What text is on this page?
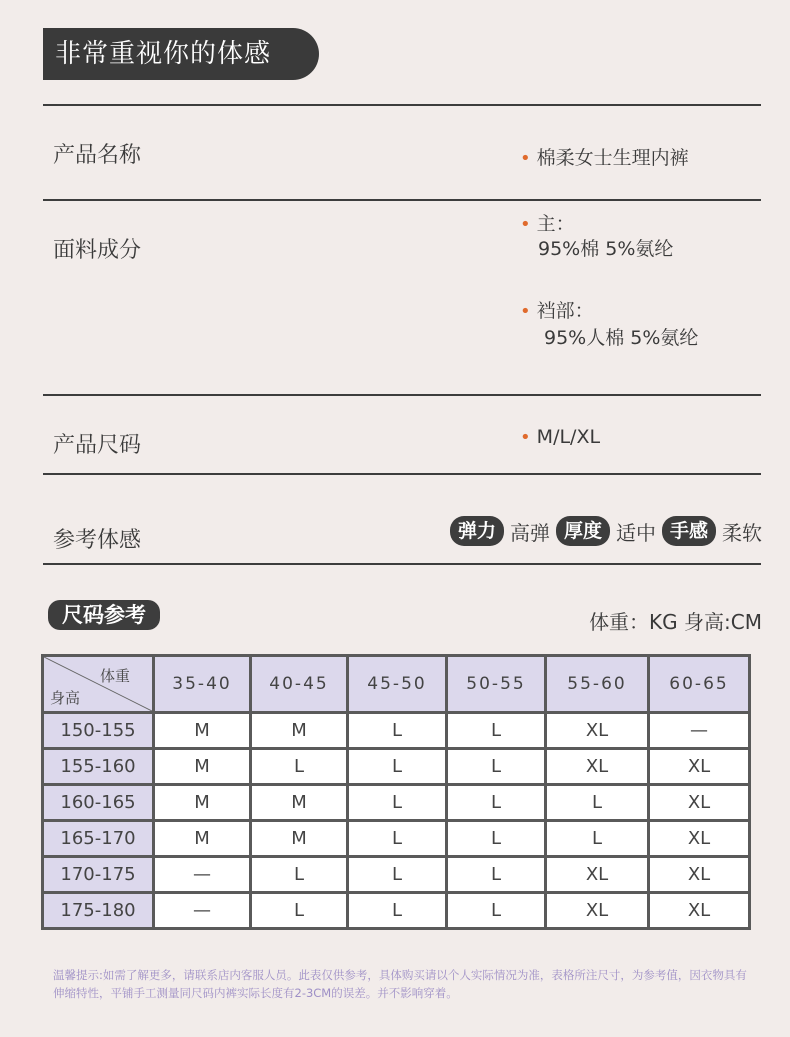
非常重视你的体感
产品名称	• 棉柔女士生理内裤
面料成分
• 主：
95%棉 5%氨纶
• 裆部：
95%人棉 5%氨纶
产品尺码	• M/L/XL
参考体感	弹力 高弹 厚度 适中 手感 柔软
尺码参考	体重：KG 身高:CM
体重
身高	35-40	40-45	45-50	50-55	55-60	60-65
150-155	M	M	L	L	XL	—
155-160	M	L	L	L	XL	XL
160-165	M	M	L	L	L	XL
165-170	M	M	L	L	L	XL
170-175	—	L	L	L	XL	XL
175-180	—	L	L	L	XL	XL
温馨提示:如需了解更多，请联系店内客服人员。此表仅供参考，具体购买请以个人实际情况为准，表格所注尺寸，为参考值，因衣物具有伸缩特性，平铺手工测量同尺码内裤实际长度有2-3CM的误差。并不影响穿着。
